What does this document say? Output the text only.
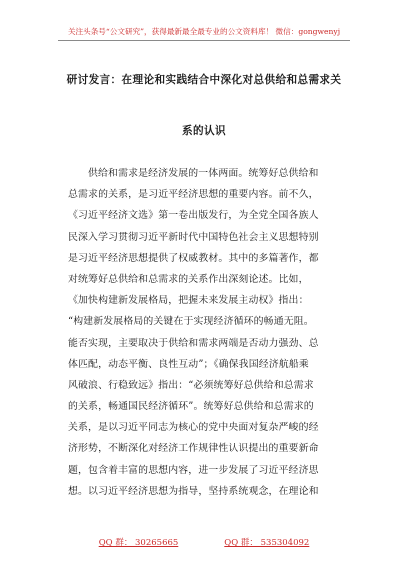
关注头条号“公文研究”，获得最新最全最专业的公文资料库！ 微信：gongwenyj
研讨发言：在理论和实践结合中深化对总供给和总需求关
系的认识
供给和需求是经济发展的一体两面。统筹好总供给和
总需求的关系，是习近平经济思想的重要内容。前不久，
《习近平经济文选》第一卷出版发行，为全党全国各族人
民深入学习贯彻习近平新时代中国特色社会主义思想特别
是习近平经济思想提供了权威教材。其中的多篇著作，都
对统筹好总供给和总需求的关系作出深刻论述。比如，
《加快构建新发展格局，把握未来发展主动权》指出：
“构建新发展格局的关键在于实现经济循环的畅通无阻。
能否实现，主要取决于供给和需求两端是否动力强劲、总
体匹配，动态平衡、良性互动”；《确保我国经济航船乘
风破浪、行稳致远》指出：“必须统筹好总供给和总需求
的关系，畅通国民经济循环”。统筹好总供给和总需求的
关系，是以习近平同志为核心的党中央面对复杂严峻的经
济形势，不断深化对经济工作规律性认识提出的重要新命
题，包含着丰富的思想内容，进一步发展了习近平经济思
想。以习近平经济思想为指导，坚持系统观念，在理论和
QQ 群： 30265665	QQ 群： 535304092
